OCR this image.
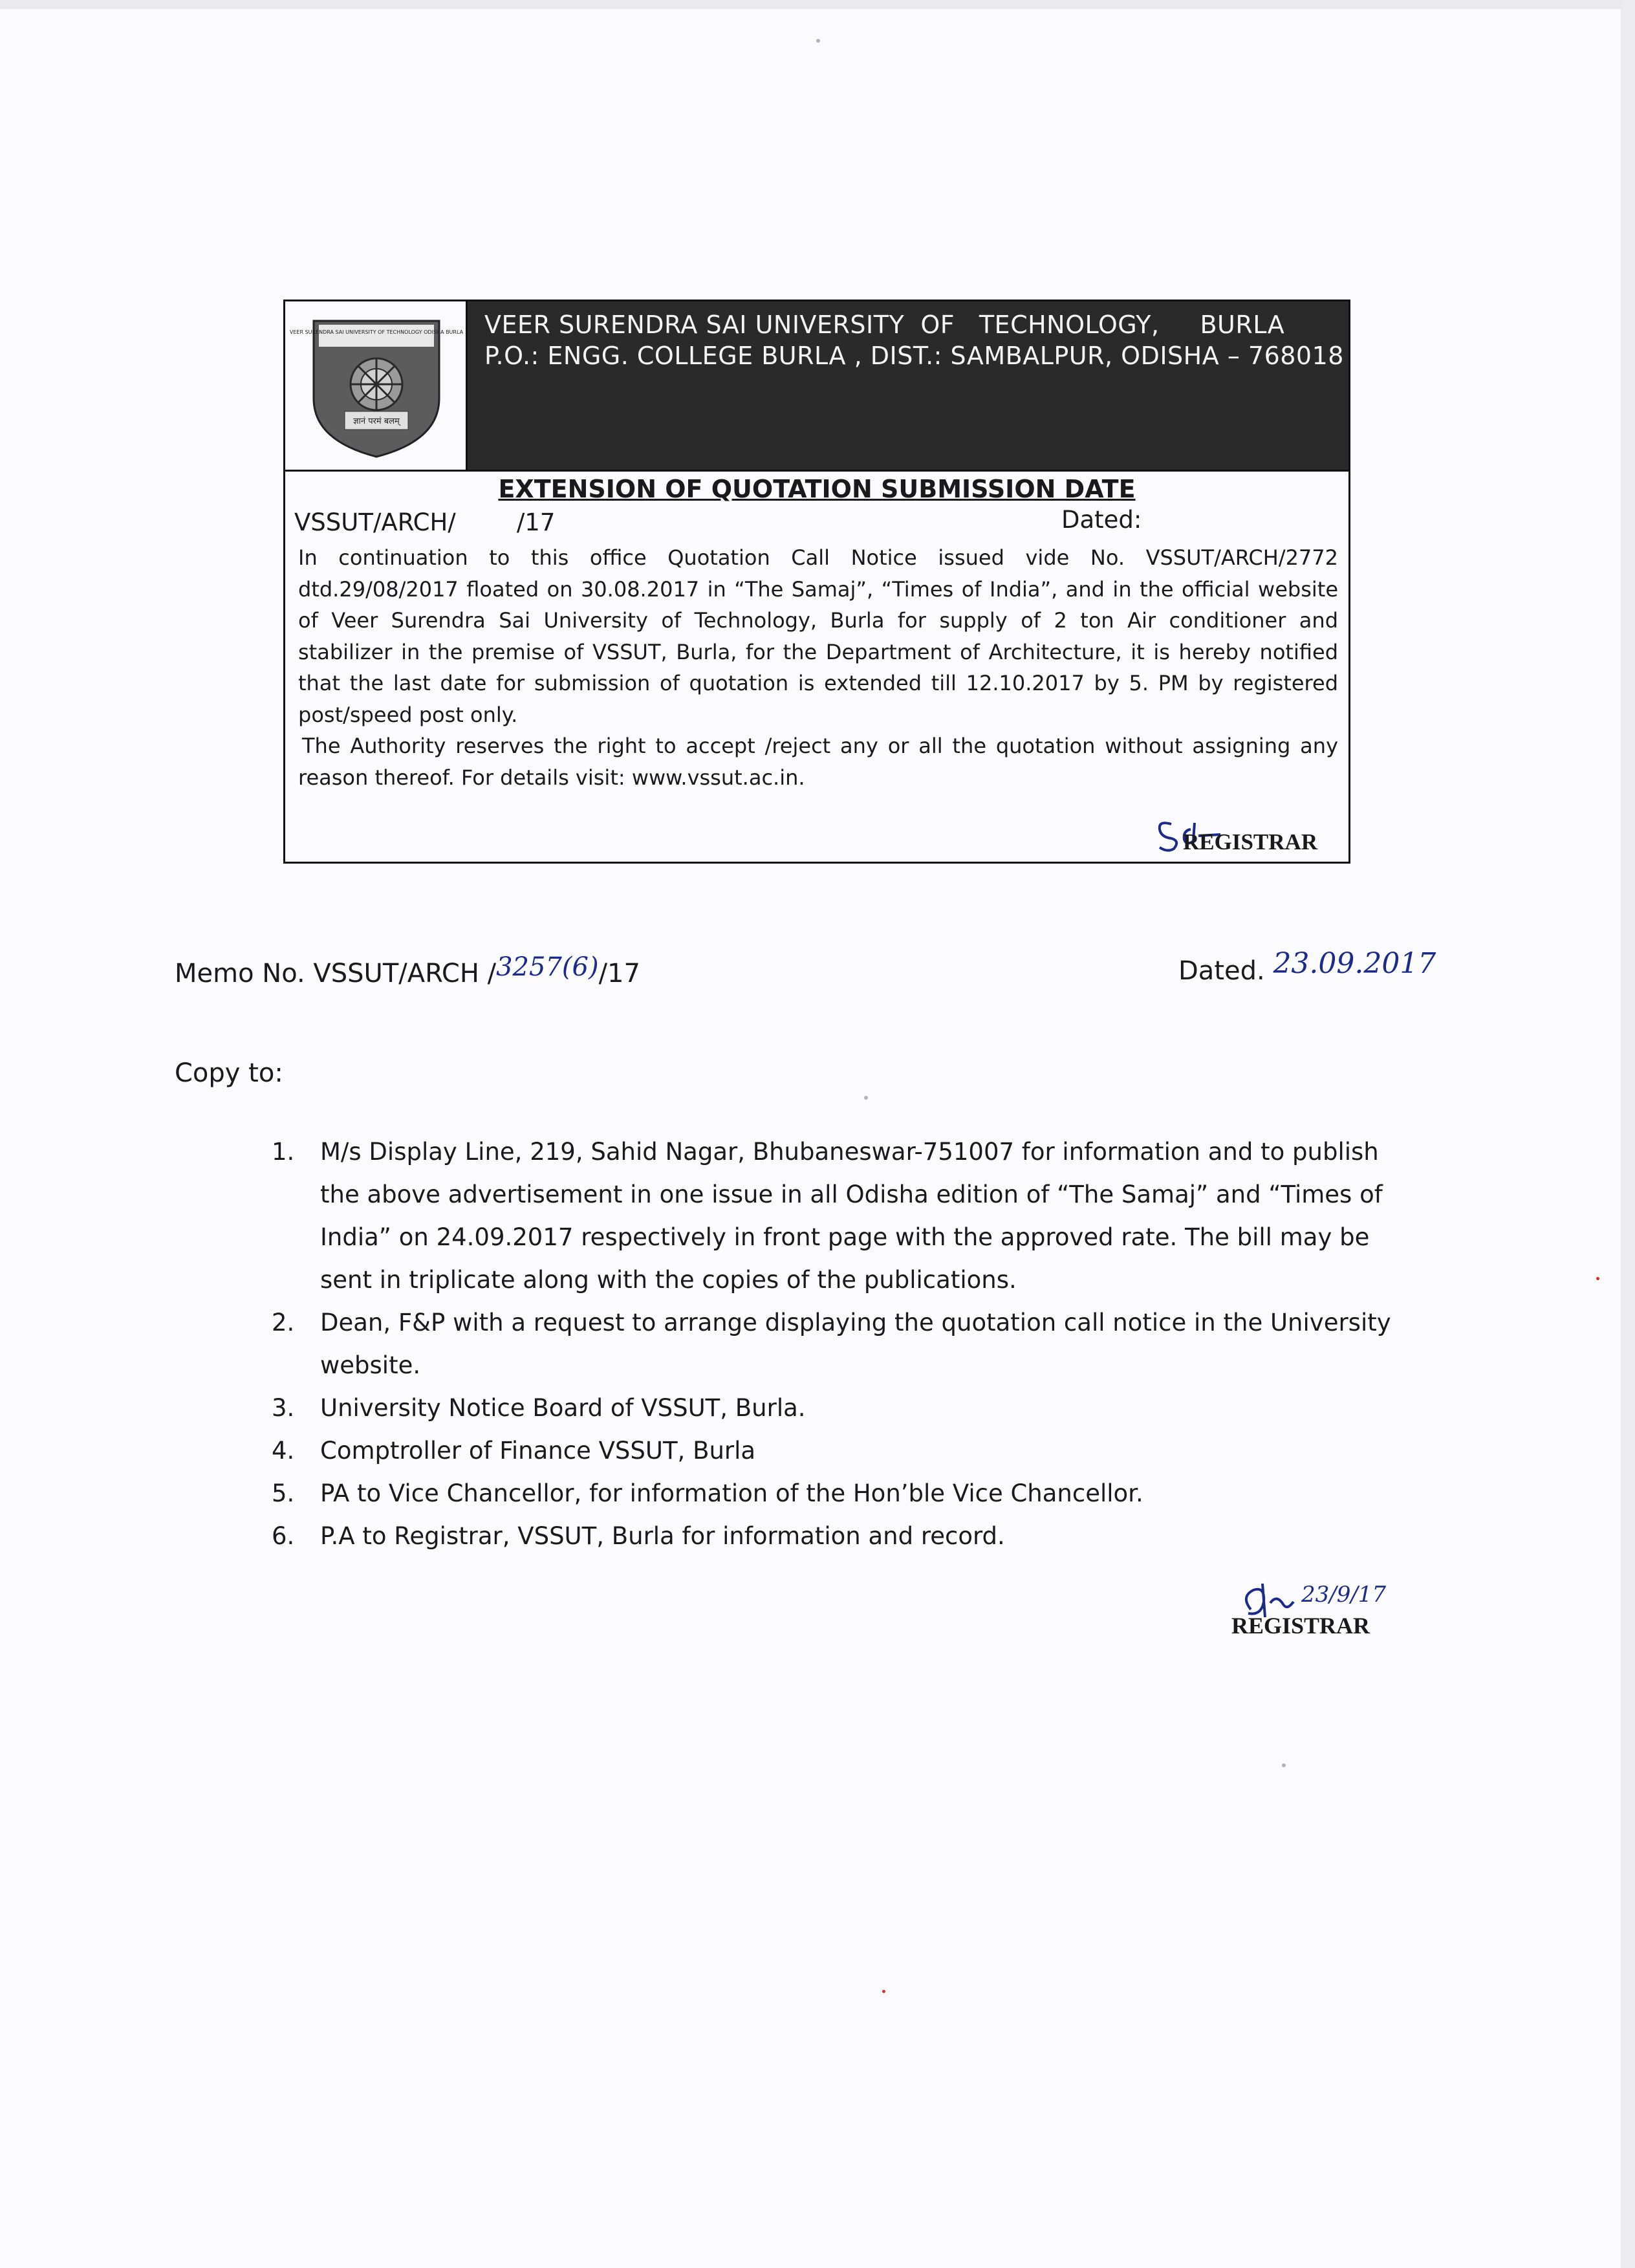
VEER SURENDRA SAI UNIVERSITY OF TECHNOLOGY ODISHA BURLA
ज्ञानं परमं बलम्
VEER SURENDRA SAI UNIVERSITY  OF   TECHNOLOGY,     BURLA
P.O.: ENGG. COLLEGE BURLA , DIST.: SAMBALPUR, ODISHA – 768018
EXTENSION OF QUOTATION SUBMISSION DATE
VSSUT/ARCH/        /17	Dated:

In continuation to this office Quotation Call Notice issued vide No. VSSUT/ARCH/2772 dtd.29/08/2017 floated on 30.08.2017 in “The Samaj”, “Times of India”, and in the official website of Veer Surendra Sai University of Technology, Burla for supply of 2 ton Air conditioner and stabilizer in the premise of VSSUT, Burla, for the Department of Architecture, it is hereby notified that the last date for submission of quotation is extended till 12.10.2017 by 5. PM by registered post/speed post only.

The Authority reserves the right to accept /reject any or all the quotation without assigning any reason thereof. For details visit: www.vssut.ac.in.

Sd
REGISTRAR
Memo No. VSSUT/ARCH /3257(6)/17	Dated. 23.09.2017
Copy to:
1. M/s Display Line, 219, Sahid Nagar, Bhubaneswar-751007 for information and to publish the above advertisement in one issue in all Odisha edition of “The Samaj” and “Times of India” on 24.09.2017 respectively in front page with the approved rate. The bill may be sent in triplicate along with the copies of the publications.
2. Dean, F&P with a request to arrange displaying the quotation call notice in the University website.
3. University Notice Board of VSSUT, Burla.
4. Comptroller of Finance VSSUT, Burla
5. PA to Vice Chancellor, for information of the Hon’ble Vice Chancellor.
6. P.A to Registrar, VSSUT, Burla for information and record.
23/9/17
REGISTRAR
